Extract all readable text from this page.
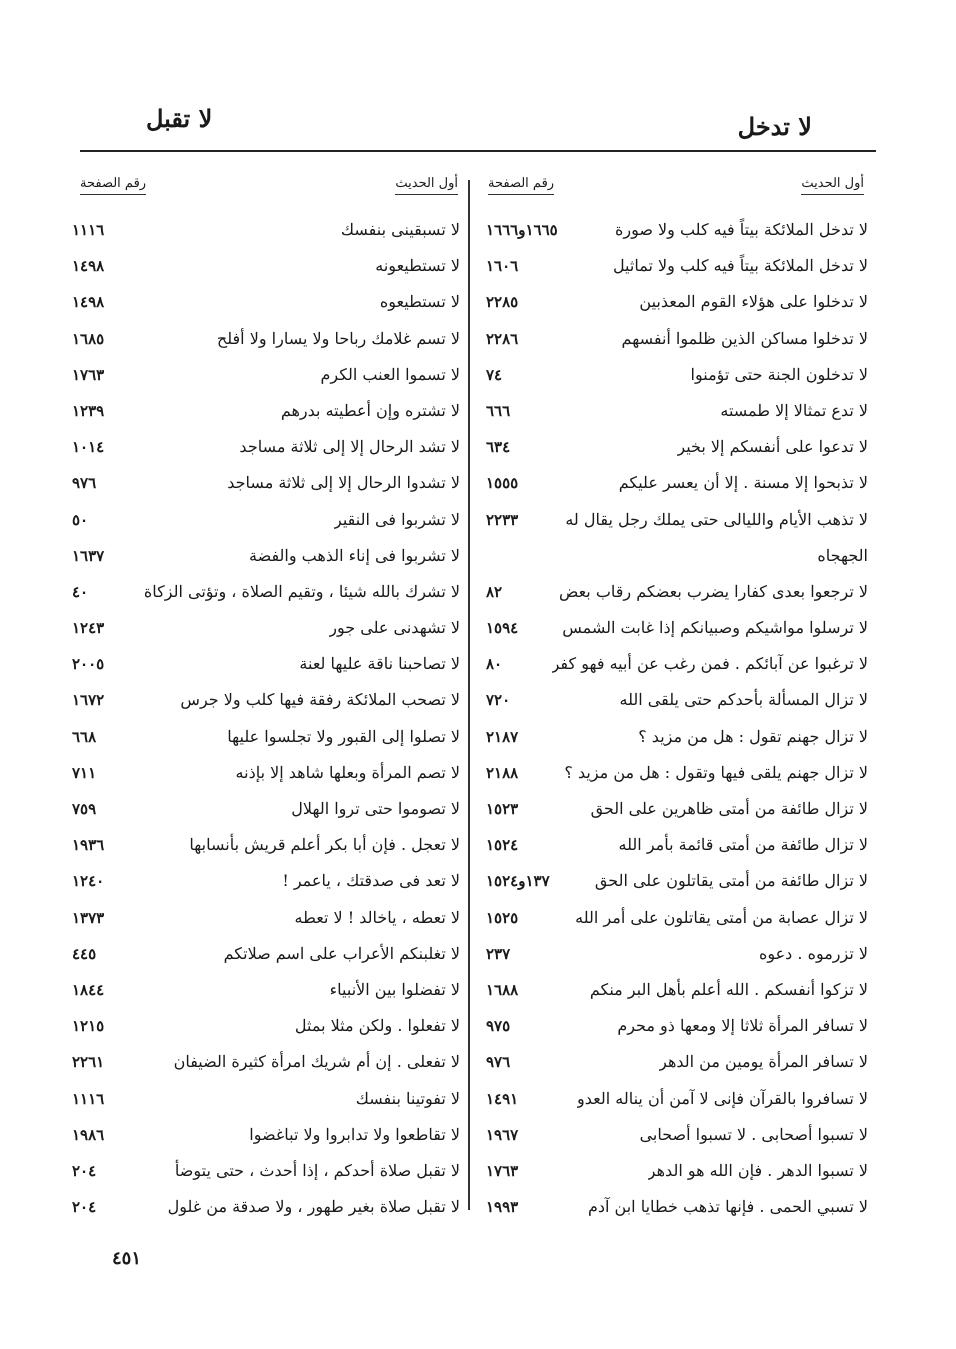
لا تدخل
لا تقبل
أول الحديث
رقم الصفحة
أول الحديث
رقم الصفحة
لا تدخل الملائكة بيتاً فيه كلب ولا صورة
١٦٦٥و١٦٦٦
لا تدخل الملائكة بيتاً فيه كلب ولا تماثيل
١٦٠٦
لا تدخلوا على هؤلاء القوم المعذبين
٢٢٨٥
لا تدخلوا مساكن الذين ظلموا أنفسهم
٢٢٨٦
لا تدخلون الجنة حتى تؤمنوا
٧٤
لا تدع تمثالا إلا طمسته
٦٦٦
لا تدعوا على أنفسكم إلا بخير
٦٣٤
لا تذبحوا إلا مسنة . إلا أن يعسر عليكم
١٥٥٥
لا تذهب الأيام والليالى حتى يملك رجل يقال له
٢٢٣٣
الجهجاه
لا ترجعوا بعدى كفارا يضرب بعضكم رقاب بعض
٨٢
لا ترسلوا مواشيكم وصبيانكم إذا غابت الشمس
١٥٩٤
لا ترغبوا عن آبائكم . فمن رغب عن أبيه فهو كفر
٨٠
لا تزال المسألة بأحدكم حتى يلقى الله
٧٢٠
لا تزال جهنم تقول : هل من مزيد ؟
٢١٨٧
لا تزال جهنم يلقى فيها وتقول : هل من مزيد ؟
٢١٨٨
لا تزال طائفة من أمتى ظاهرين على الحق
١٥٢٣
لا تزال طائفة من أمتى قائمة بأمر الله
١٥٢٤
لا تزال طائفة من أمتى يقاتلون على الحق
١٣٧و١٥٢٤
لا تزال عصابة من أمتى يقاتلون على أمر الله
١٥٢٥
لا تزرموه . دعوه
٢٣٧
لا تزكوا أنفسكم . الله أعلم بأهل البر منكم
١٦٨٨
لا تسافر المرأة ثلاثا إلا ومعها ذو محرم
٩٧٥
لا تسافر المرأة يومين من الدهر
٩٧٦
لا تسافروا بالقرآن فإنى لا آمن أن يناله العدو
١٤٩١
لا تسبوا أصحابى . لا تسبوا أصحابى
١٩٦٧
لا تسبوا الدهر . فإن الله هو الدهر
١٧٦٣
لا تسبي الحمى . فإنها تذهب خطايا ابن آدم
١٩٩٣
لا تسبقينى بنفسك
١١١٦
لا تستطيعونه
١٤٩٨
لا تستطيعوه
١٤٩٨
لا تسم غلامك رباحا ولا يسارا ولا أفلح
١٦٨٥
لا تسموا العنب الكرم
١٧٦٣
لا تشتره وإن أعطيته بدرهم
١٢٣٩
لا تشد الرحال إلا إلى ثلاثة مساجد
١٠١٤
لا تشدوا الرحال إلا إلى ثلاثة مساجد
٩٧٦
لا تشربوا فى النقير
٥٠
لا تشربوا فى إناء الذهب والفضة
١٦٣٧
لا تشرك بالله شيئا ، وتقيم الصلاة ، وتؤتى الزكاة
٤٠
لا تشهدنى على جور
١٢٤٣
لا تصاحبنا ناقة عليها لعنة
٢٠٠٥
لا تصحب الملائكة رفقة فيها كلب ولا جرس
١٦٧٢
لا تصلوا إلى القبور ولا تجلسوا عليها
٦٦٨
لا تصم المرأة وبعلها شاهد إلا بإذنه
٧١١
لا تصوموا حتى تروا الهلال
٧٥٩
لا تعجل . فإن أبا بكر أعلم قريش بأنسابها
١٩٣٦
لا تعد فى صدقتك ، ياعمر !
١٢٤٠
لا تعطه ، ياخالد ! لا تعطه
١٣٧٣
لا تغلبنكم الأعراب على اسم صلاتكم
٤٤٥
لا تفضلوا بين الأنبياء
١٨٤٤
لا تفعلوا . ولكن مثلا بمثل
١٢١٥
لا تفعلى . إن أم شريك امرأة كثيرة الضيفان
٢٢٦١
لا تفوتينا بنفسك
١١١٦
لا تقاطعوا ولا تدابروا ولا تباغضوا
١٩٨٦
لا تقبل صلاة أحدكم ، إذا أحدث ، حتى يتوضأ
٢٠٤
لا تقبل صلاة بغير طهور ، ولا صدقة من غلول
٢٠٤
٤٥١
